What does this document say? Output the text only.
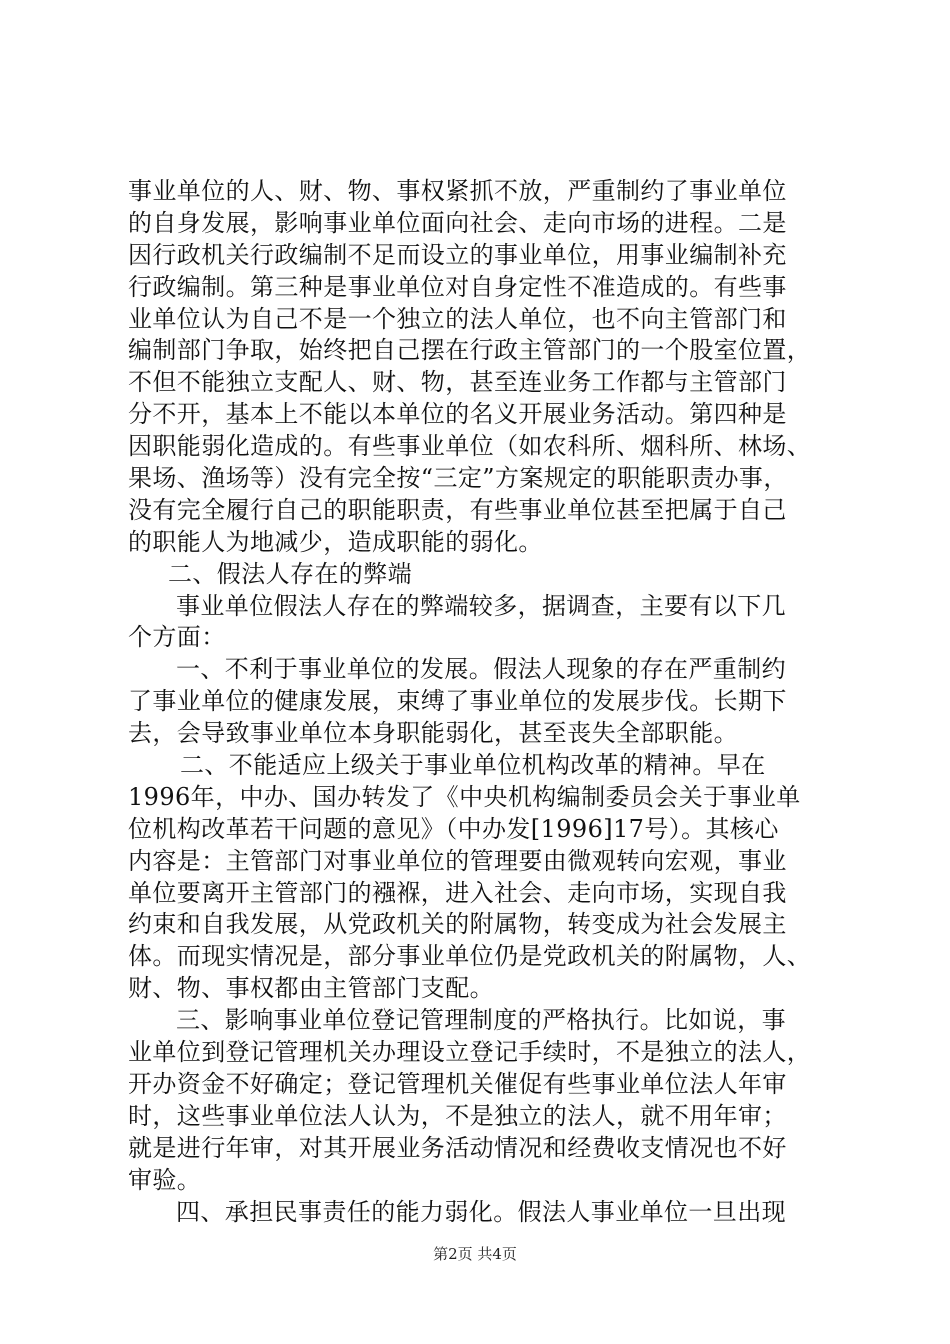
事业单位的人、财、物、事权紧抓不放，严重制约了事业单位
的自身发展，影响事业单位面向社会、走向市场的进程。二是
因行政机关行政编制不足而设立的事业单位，用事业编制补充
行政编制。第三种是事业单位对自身定性不准造成的。有些事
业单位认为自己不是一个独立的法人单位，也不向主管部门和
编制部门争取，始终把自己摆在行政主管部门的一个股室位置，
不但不能独立支配人、财、物，甚至连业务工作都与主管部门
分不开，基本上不能以本单位的名义开展业务活动。第四种是
因职能弱化造成的。有些事业单位（如农科所、烟科所、林场、
果场、渔场等）没有完全按“三定”方案规定的职能职责办事，
没有完全履行自己的职能职责，有些事业单位甚至把属于自己
的职能人为地减少，造成职能的弱化。
二、假法人存在的弊端
事业单位假法人存在的弊端较多，据调查，主要有以下几
个方面：
一、不利于事业单位的发展。假法人现象的存在严重制约
了事业单位的健康发展，束缚了事业单位的发展步伐。长期下
去，会导致事业单位本身职能弱化，甚至丧失全部职能。
二、不能适应上级关于事业单位机构改革的精神。早在
1996年，中办、国办转发了《中央机构编制委员会关于事业单
位机构改革若干问题的意见》（中办发[1996]17号）。其核心
内容是：主管部门对事业单位的管理要由微观转向宏观，事业
单位要离开主管部门的襁褓，进入社会、走向市场，实现自我
约束和自我发展，从党政机关的附属物，转变成为社会发展主
体。而现实情况是，部分事业单位仍是党政机关的附属物，人、
财、物、事权都由主管部门支配。
三、影响事业单位登记管理制度的严格执行。比如说，事
业单位到登记管理机关办理设立登记手续时，不是独立的法人，
开办资金不好确定；登记管理机关催促有些事业单位法人年审
时，这些事业单位法人认为，不是独立的法人，就不用年审；
就是进行年审，对其开展业务活动情况和经费收支情况也不好
审验。
四、承担民事责任的能力弱化。假法人事业单位一旦出现
第2页 共4页
